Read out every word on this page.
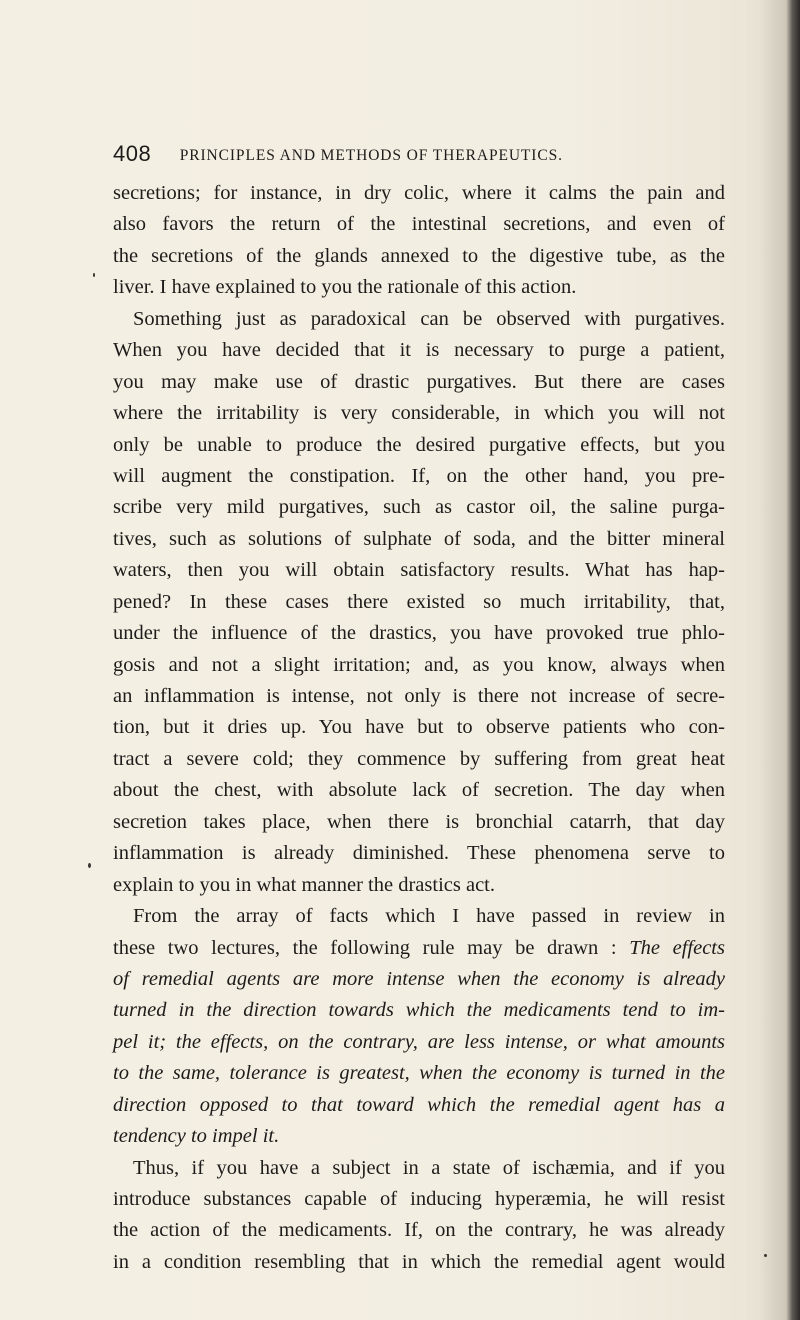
408 PRINCIPLES AND METHODS OF THERAPEUTICS.
secretions; for instance, in dry colic, where it calms the pain and
also favors the return of the intestinal secretions, and even of
the secretions of the glands annexed to the digestive tube, as the
liver. I have explained to you the rationale of this action.
Something just as paradoxical can be observed with purgatives.
When you have decided that it is necessary to purge a patient,
you may make use of drastic purgatives. But there are cases
where the irritability is very considerable, in which you will not
only be unable to produce the desired purgative effects, but you
will augment the constipation. If, on the other hand, you pre-
scribe very mild purgatives, such as castor oil, the saline purga-
tives, such as solutions of sulphate of soda, and the bitter mineral
waters, then you will obtain satisfactory results. What has hap-
pened? In these cases there existed so much irritability, that,
under the influence of the drastics, you have provoked true phlo-
gosis and not a slight irritation; and, as you know, always when
an inflammation is intense, not only is there not increase of secre-
tion, but it dries up. You have but to observe patients who con-
tract a severe cold; they commence by suffering from great heat
about the chest, with absolute lack of secretion. The day when
secretion takes place, when there is bronchial catarrh, that day
inflammation is already diminished. These phenomena serve to
explain to you in what manner the drastics act.
From the array of facts which I have passed in review in
these two lectures, the following rule may be drawn : The effects
of remedial agents are more intense when the economy is already
turned in the direction towards which the medicaments tend to im-
pel it; the effects, on the contrary, are less intense, or what amounts
to the same, tolerance is greatest, when the economy is turned in the
direction opposed to that toward which the remedial agent has a
tendency to impel it.
Thus, if you have a subject in a state of ischæmia, and if you
introduce substances capable of inducing hyperæmia, he will resist
the action of the medicaments. If, on the contrary, he was already
in a condition resembling that in which the remedial agent would
